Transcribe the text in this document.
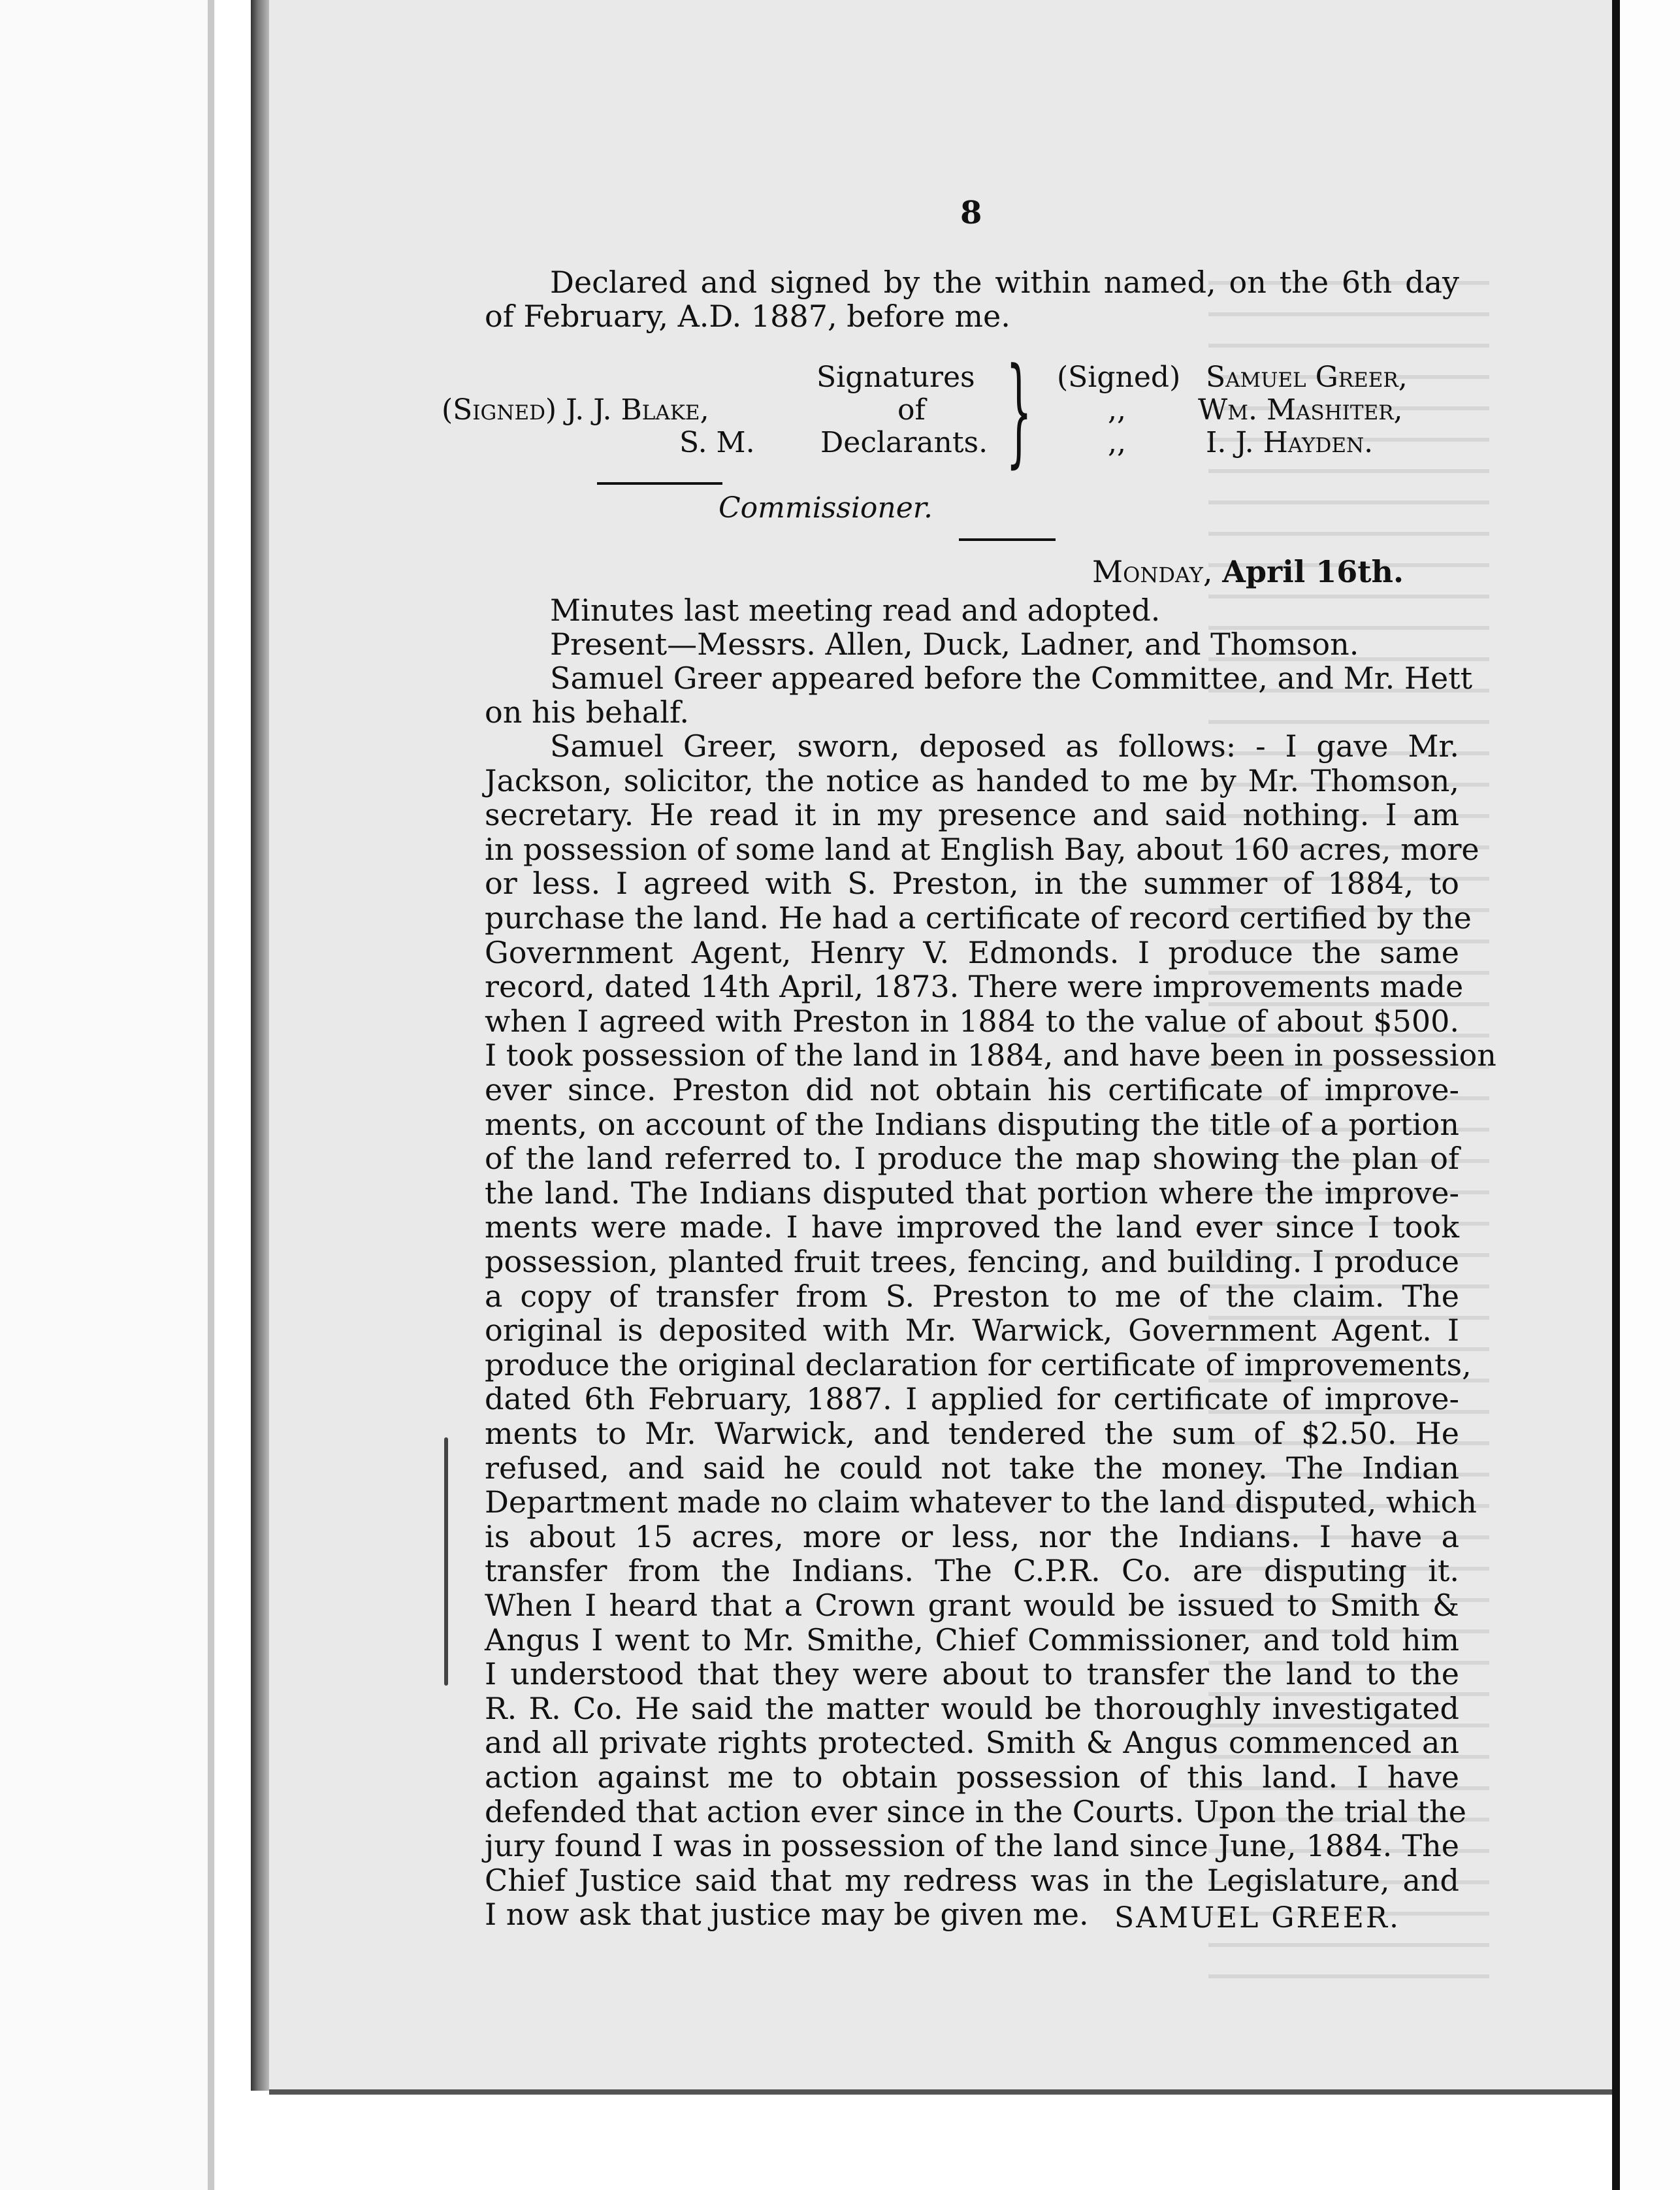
8
Declared and signed by the within named, on the 6th day
of February, A.D. 1887, before me.
Signatures
of
Declarants.
(Signed) J. J. Blake,
S. M. } (Signed)
,,
,,
Samuel Greer,
Wm. Mashiter,
I. J. Hayden.
Commissioner.
Monday, April 16th.
Minutes last meeting read and adopted.
Present—Messrs. Allen, Duck, Ladner, and Thomson.
Samuel Greer appeared before the Committee, and Mr. Hett
on his behalf.
Samuel Greer, sworn, deposed as follows: - I gave Mr.
Jackson, solicitor, the notice as handed to me by Mr. Thomson,
secretary. He read it in my presence and said nothing. I am
in possession of some land at English Bay, about 160 acres, more
or less. I agreed with S. Preston, in the summer of 1884, to
purchase the land. He had a certificate of record certified by the
Government Agent, Henry V. Edmonds. I produce the same
record, dated 14th April, 1873. There were improvements made
when I agreed with Preston in 1884 to the value of about $500.
I took possession of the land in 1884, and have been in possession
ever since. Preston did not obtain his certificate of improve-
ments, on account of the Indians disputing the title of a portion
of the land referred to. I produce the map showing the plan of
the land. The Indians disputed that portion where the improve-
ments were made. I have improved the land ever since I took
possession, planted fruit trees, fencing, and building. I produce
a copy of transfer from S. Preston to me of the claim. The
original is deposited with Mr. Warwick, Government Agent. I
produce the original declaration for certificate of improvements,
dated 6th February, 1887. I applied for certificate of improve-
ments to Mr. Warwick, and tendered the sum of $2.50. He
refused, and said he could not take the money. The Indian
Department made no claim whatever to the land disputed, which
is about 15 acres, more or less, nor the Indians. I have a
transfer from the Indians. The C.P.R. Co. are disputing it.
When I heard that a Crown grant would be issued to Smith &
Angus I went to Mr. Smithe, Chief Commissioner, and told him
I understood that they were about to transfer the land to the
R. R. Co. He said the matter would be thoroughly investigated
and all private rights protected. Smith & Angus commenced an
action against me to obtain possession of this land. I have
defended that action ever since in the Courts. Upon the trial the
jury found I was in possession of the land since June, 1884. The
Chief Justice said that my redress was in the Legislature, and
I now ask that justice may be given me. SAMUEL GREER.
